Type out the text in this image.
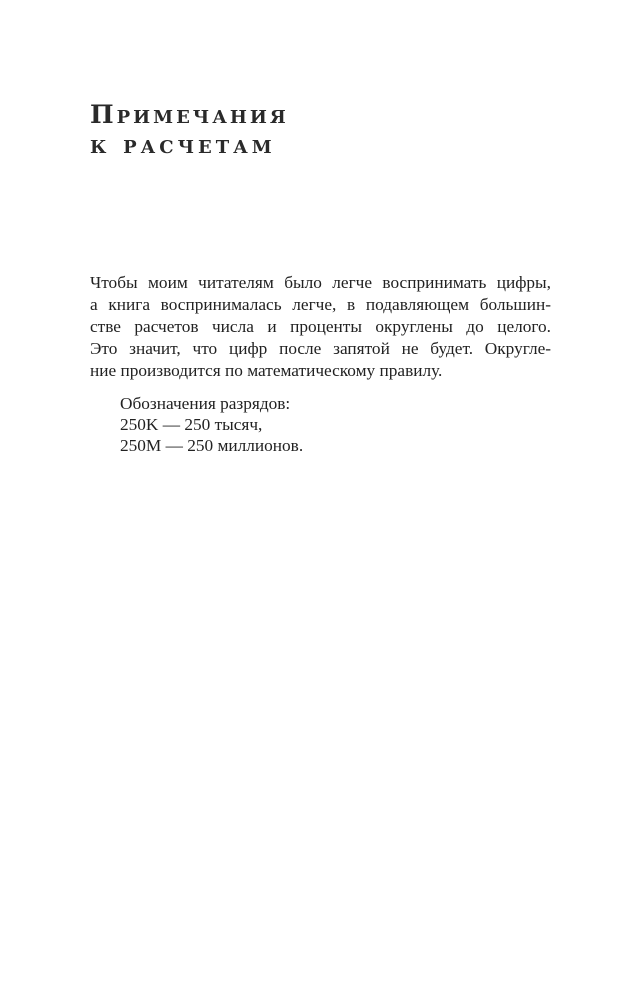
Примечания
к расчетам

Чтобы моим читателям было легче воспринимать цифры,
а книга воспринималась легче, в подавляющем большин-
стве расчетов числа и проценты округлены до целого.
Это значит, что цифр после запятой не будет. Округле-
ние производится по математическому правилу.

Обозначения разрядов:
250K — 250 тысяч,
250M — 250 миллионов.
